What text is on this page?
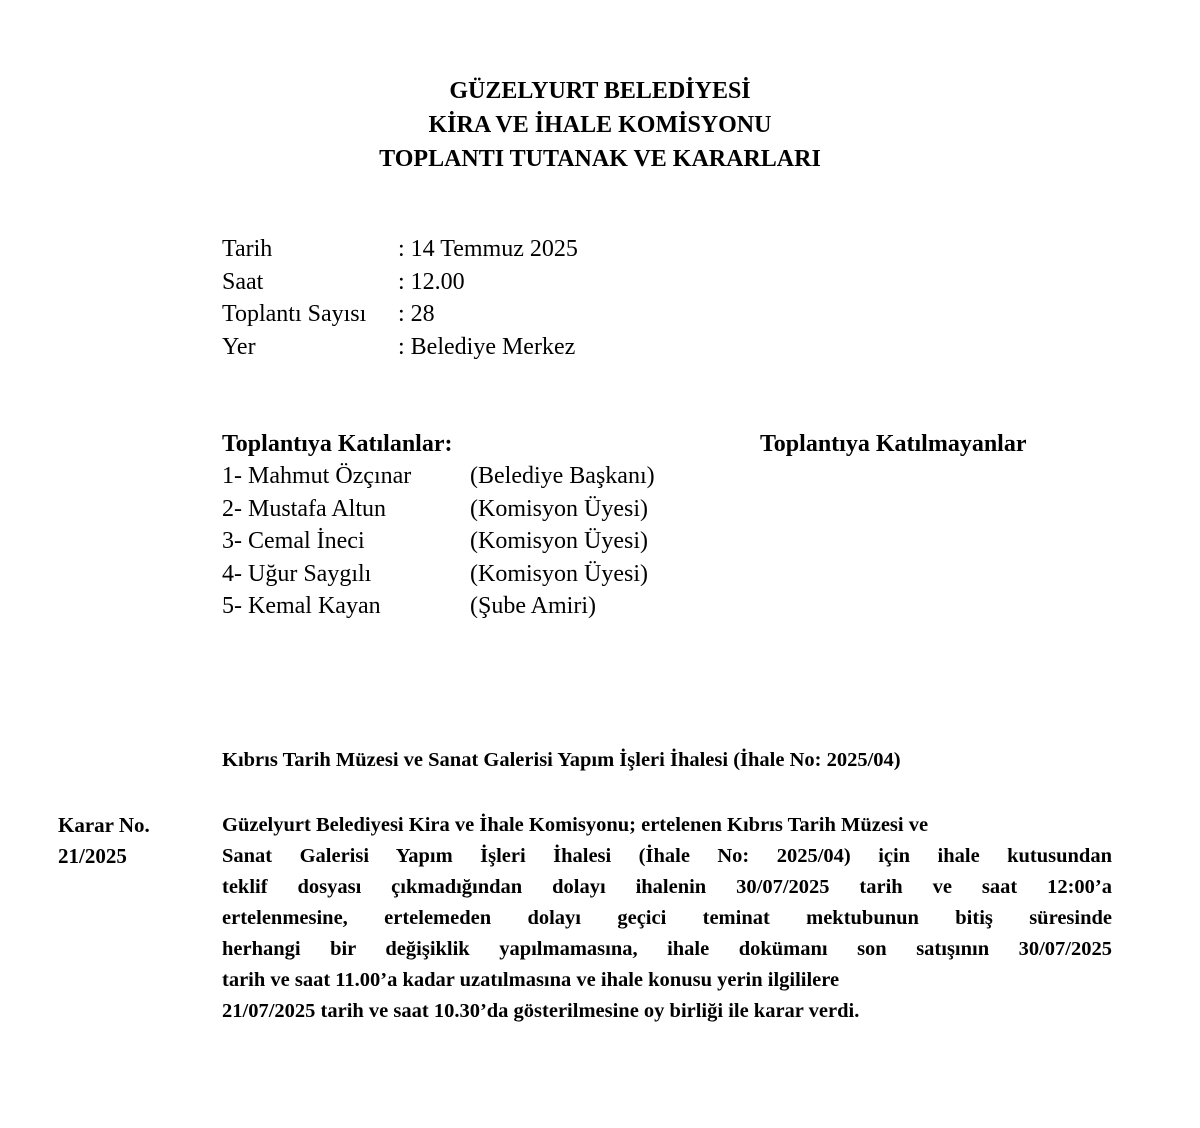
GÜZELYURT BELEDİYESİ
KİRA VE İHALE KOMİSYONU
TOPLANTI TUTANAK VE KARARLARI
Tarih	: 14 Temmuz 2025
Saat	: 12.00
Toplantı Sayısı : 28
Yer	: Belediye Merkez
Toplantıya Katılanlar:	Toplantıya Katılmayanlar
1- Mahmut Özçınar (Belediye Başkanı)
2- Mustafa Altun	(Komisyon Üyesi)
3- Cemal İneci	(Komisyon Üyesi)
4- Uğur Saygılı	(Komisyon Üyesi)
5- Kemal Kayan	(Şube Amiri)
Kıbrıs Tarih Müzesi ve Sanat Galerisi Yapım İşleri İhalesi (İhale No: 2025/04)
Karar No.
21/2025
Güzelyurt Belediyesi Kira ve İhale Komisyonu; ertelenen Kıbrıs Tarih Müzesi ve
Sanat Galerisi Yapım İşleri İhalesi (İhale No: 2025/04) için ihale kutusundan
teklif dosyası çıkmadığından dolayı ihalenin 30/07/2025 tarih ve saat 12:00’a
ertelenmesine, ertelemeden dolayı geçici teminat mektubunun bitiş süresinde
herhangi bir değişiklik yapılmamasına, ihale dokümanı son satışının 30/07/2025
tarih ve saat 11.00’a kadar uzatılmasına ve ihale konusu yerin ilgililere
21/07/2025 tarih ve saat 10.30’da gösterilmesine oy birliği ile karar verdi.
